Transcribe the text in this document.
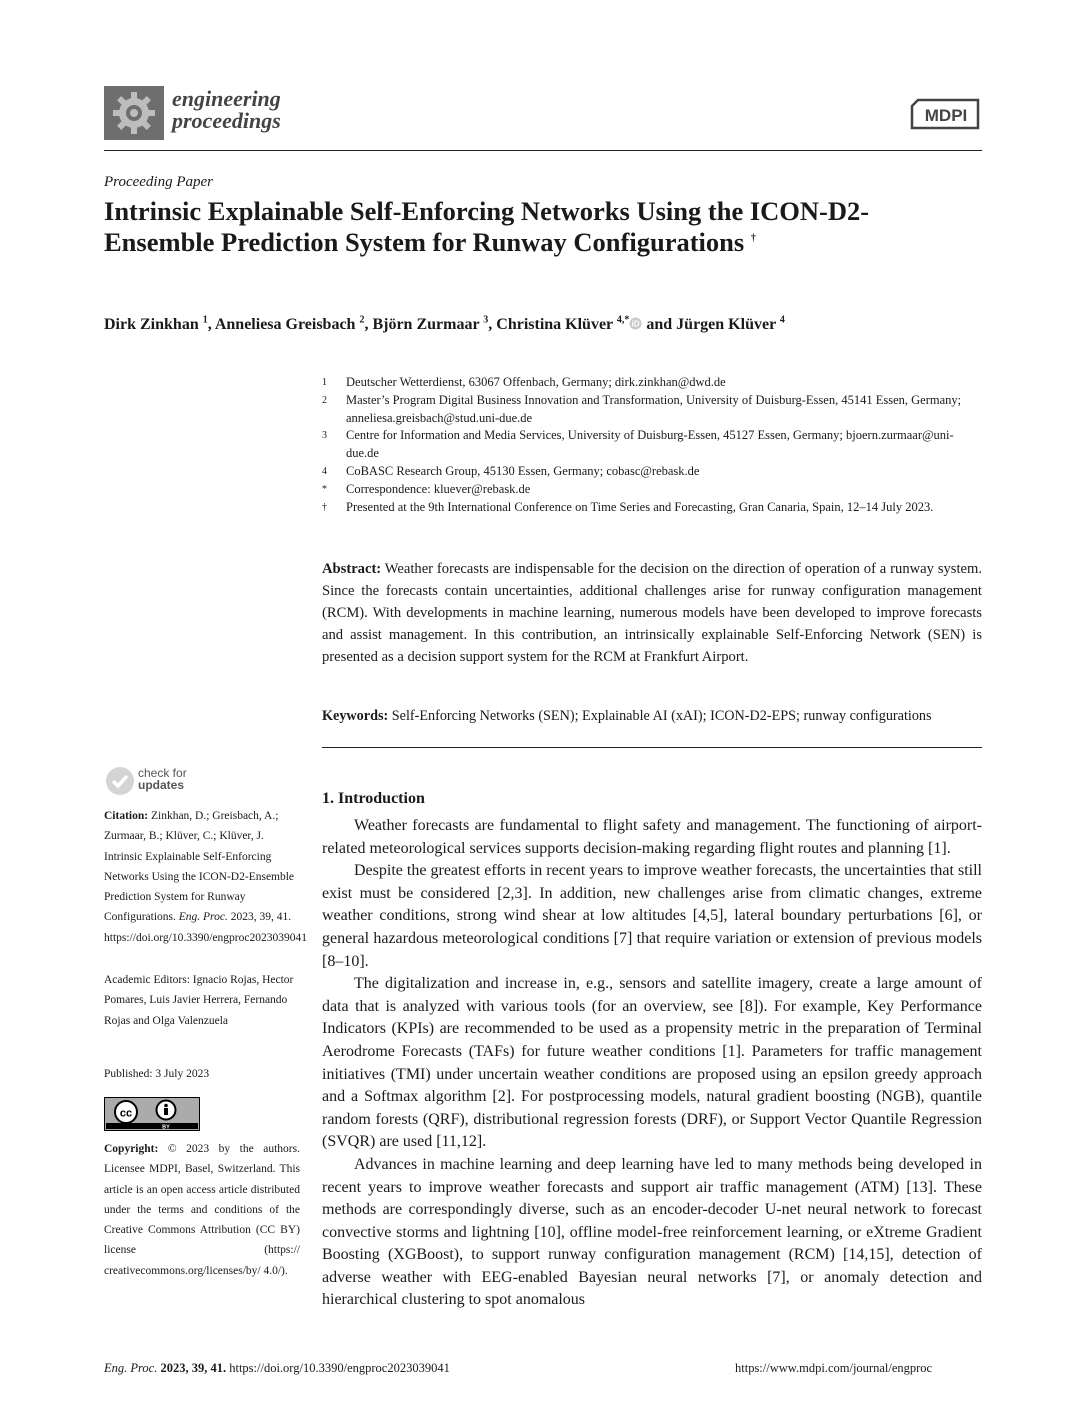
engineering
proceedings	MDPI
Proceeding Paper
Intrinsic Explainable Self-Enforcing Networks Using the ICON-D2-Ensemble Prediction System for Runway Configurations †
Dirk Zinkhan $^1$, Anneliesa Greisbach $^2$, Björn Zurmaar $^3$, Christina Klüver $^{4,*}$ iD and Jürgen Klüver $^4$
1 Deutscher Wetterdienst, 63067 Offenbach, Germany; dirk.zinkhan@dwd.de
2 Master’s Program Digital Business Innovation and Transformation, University of Duisburg-Essen, 45141 Essen, Germany; anneliesa.greisbach@stud.uni-due.de
3 Centre for Information and Media Services, University of Duisburg-Essen, 45127 Essen, Germany; bjoern.zurmaar@uni-due.de
4 CoBASC Research Group, 45130 Essen, Germany; cobasc@rebask.de
* Correspondence: kluever@rebask.de
† Presented at the 9th International Conference on Time Series and Forecasting, Gran Canaria, Spain, 12–14 July 2023.
Abstract: Weather forecasts are indispensable for the decision on the direction of operation of a runway system. Since the forecasts contain uncertainties, additional challenges arise for runway configuration management (RCM). With developments in machine learning, numerous models have been developed to improve forecasts and assist management. In this contribution, an intrinsically explainable Self-Enforcing Network (SEN) is presented as a decision support system for the RCM at Frankfurt Airport.
Keywords: Self-Enforcing Networks (SEN); Explainable AI (xAI); ICON-D2-EPS; runway configurations
check for
updates
Citation: Zinkhan, D.; Greisbach, A.; Zurmaar, B.; Klüver, C.; Klüver, J. Intrinsic Explainable Self-Enforcing Networks Using the ICON-D2-Ensemble Prediction System for Runway Configurations. Eng. Proc. 2023, 39, 41. https://doi.org/10.3390/engproc2023039041
Academic Editors: Ignacio Rojas, Hector Pomares, Luis Javier Herrera, Fernando Rojas and Olga Valenzuela
Published: 3 July 2023
cc
BY
Copyright: © 2023 by the authors. Licensee MDPI, Basel, Switzerland. This article is an open access article distributed under the terms and conditions of the Creative Commons Attribution (CC BY) license (https:// creativecommons.org/licenses/by/ 4.0/).
1. Introduction

Weather forecasts are fundamental to flight safety and management. The functioning of airport-related meteorological services supports decision-making regarding flight routes and planning [1].

Despite the greatest efforts in recent years to improve weather forecasts, the uncertainties that still exist must be considered [2,3]. In addition, new challenges arise from climatic changes, extreme weather conditions, strong wind shear at low altitudes [4,5], lateral boundary perturbations [6], or general hazardous meteorological conditions [7] that require variation or extension of previous models [8–10].

The digitalization and increase in, e.g., sensors and satellite imagery, create a large amount of data that is analyzed with various tools (for an overview, see [8]). For example, Key Performance Indicators (KPIs) are recommended to be used as a propensity metric in the preparation of Terminal Aerodrome Forecasts (TAFs) for future weather conditions [1]. Parameters for traffic management initiatives (TMI) under uncertain weather conditions are proposed using an epsilon greedy approach and a Softmax algorithm [2]. For postprocessing models, natural gradient boosting (NGB), quantile random forests (QRF), distributional regression forests (DRF), or Support Vector Quantile Regression (SVQR) are used [11,12].

Advances in machine learning and deep learning have led to many methods being developed in recent years to improve weather forecasts and support air traffic management (ATM) [13]. These methods are correspondingly diverse, such as an encoder-decoder U-net neural network to forecast convective storms and lightning [10], offline model-free reinforcement learning, or eXtreme Gradient Boosting (XGBoost), to support runway configuration management (RCM) [14,15], detection of adverse weather with EEG-enabled Bayesian neural networks [7], or anomaly detection and hierarchical clustering to spot anomalous

Eng. Proc. 2023, 39, 41. https://doi.org/10.3390/engproc2023039041	https://www.mdpi.com/journal/engproc
